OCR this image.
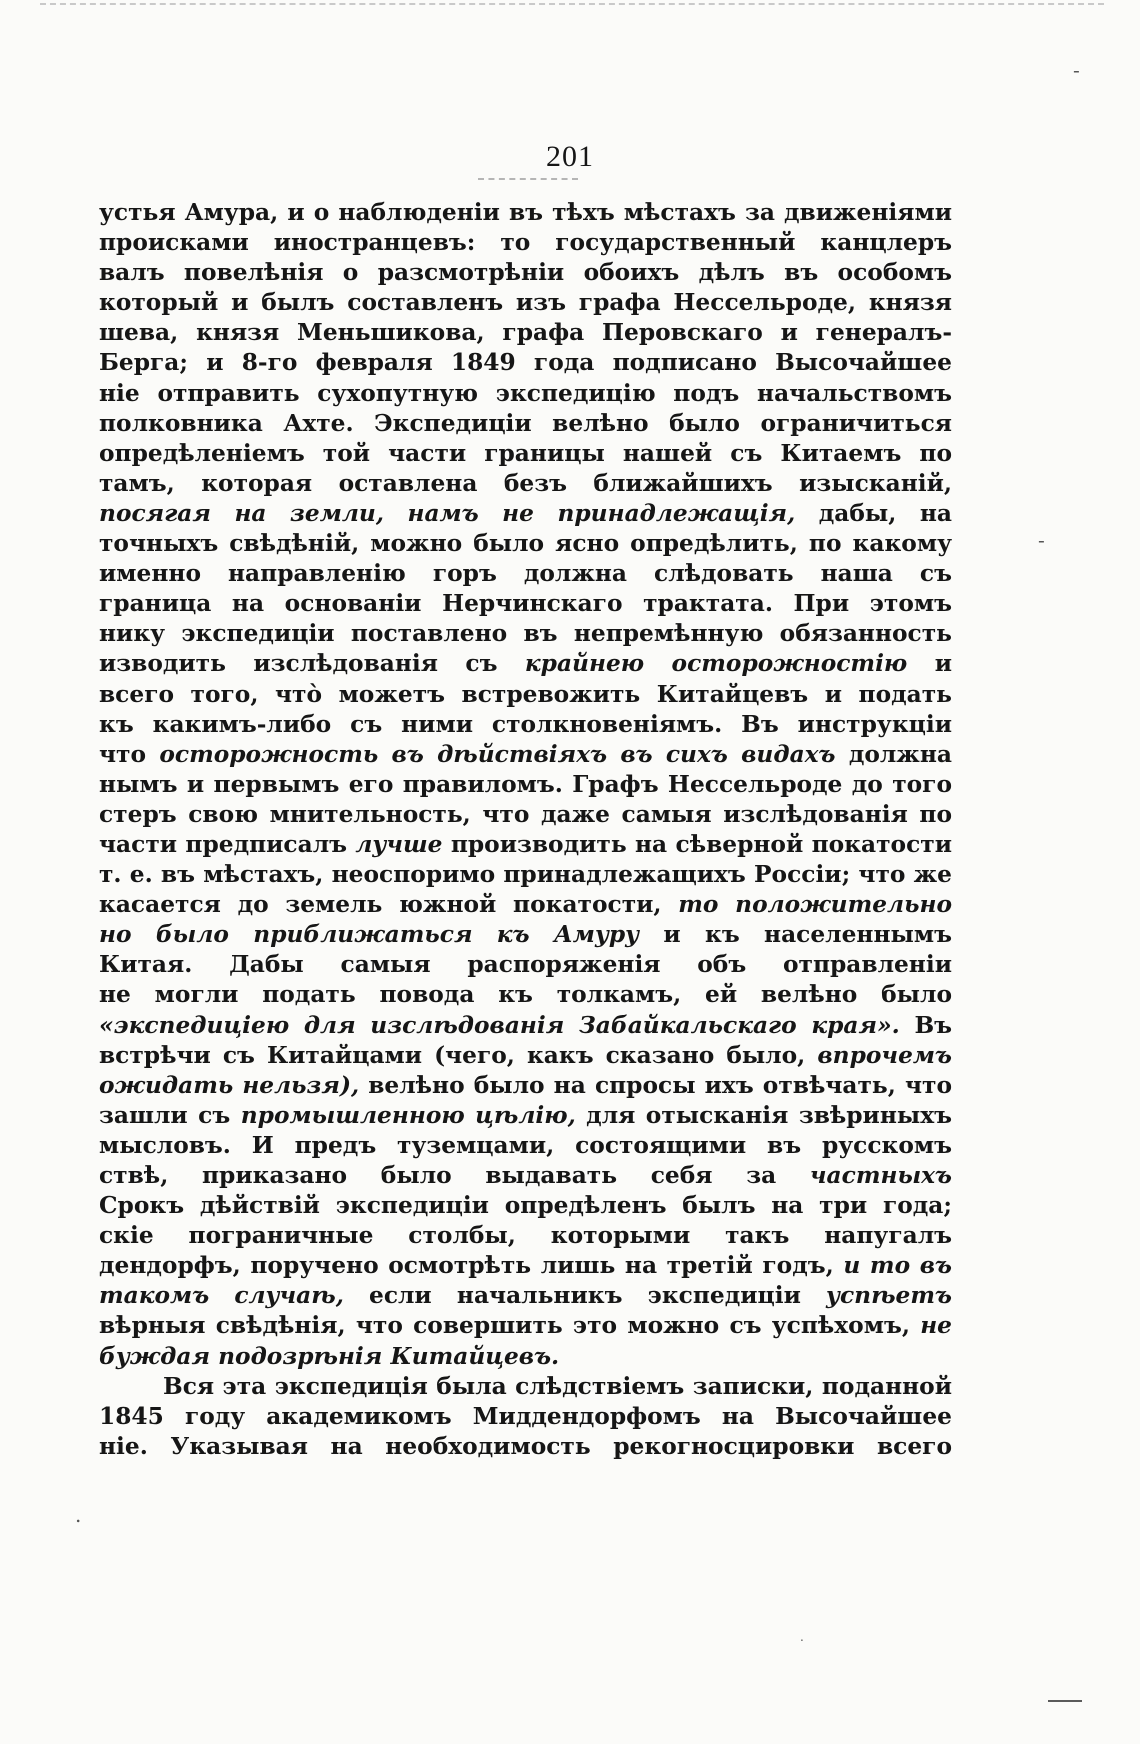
201
устья Амура, и о наблюденіи въ тѣхъ мѣстахъ за движеніями
происками иностранцевъ: то государственный канцлеръ
валъ повелѣнія о разсмотрѣніи обоихъ дѣлъ въ особомъ
который и былъ составленъ изъ графа Нессельроде, князя
шева, князя Меньшикова, графа Перовскаго и генералъ-
Берга; и 8-го февраля 1849 года подписано Высочайшее
ніе отправить сухопутную экспедицію подъ начальствомъ
полковника Ахте. Экспедиціи велѣно было ограничиться
опредѣленіемъ той части границы нашей съ Китаемъ по
тамъ, которая оставлена безъ ближайшихъ изысканій,
посягая на земли, намъ не принадлежащія, дабы, на
точныхъ свѣдѣній, можно было ясно опредѣлить, по какому
именно направленію горъ должна слѣдовать наша съ
граница на основаніи Нерчинскаго трактата. При этомъ
нику экспедиціи поставлено въ непремѣнную обязанность
изводить изслѣдованія съ крайнею осторожностію и
всего того, что̀ можетъ встревожить Китайцевъ и подать
къ какимъ-либо съ ними столкновеніямъ. Въ инструкціи
что осторожность въ дѣйствіяхъ въ сихъ видахъ должна
нымъ и первымъ его правиломъ. Графъ Нессельроде до того
стеръ свою мнительность, что даже самыя изслѣдованія по
части предписалъ лучше производить на сѣверной покатости
т. е. въ мѣстахъ, неоспоримо принадлежащихъ Россіи; что же
касается до земель южной покатости, то положительно
но было приближаться къ Амуру и къ населеннымъ
Китая. Дабы самыя распоряженія объ отправленіи
не могли подать повода къ толкамъ, ей велѣно было
«экспедиціею для изслѣдованія Забайкальскаго края». Въ
встрѣчи съ Китайцами (чего, какъ сказано было, впрочемъ
ожидать нельзя), велѣно было на спросы ихъ отвѣчать, что
зашли съ промышленною цѣлію, для отысканія звѣриныхъ
мысловъ. И предъ туземцами, состоящими въ русскомъ
ствѣ, приказано было выдавать себя за частныхъ
Срокъ дѣйствій экспедиціи опредѣленъ былъ на три года;
скіе пограничные столбы, которыми такъ напугалъ
дендорфъ, поручено осмотрѣть лишь на третій годъ, и то въ
такомъ случаѣ, если начальникъ экспедиціи успѣетъ
вѣрныя свѣдѣнія, что совершить это можно съ успѣхомъ, не
буждая подозрѣнія Китайцевъ.
Вся эта экспедиція была слѣдствіемъ записки, поданной
1845 году академикомъ Миддендорфомъ на Высочайшее
ніе. Указывая на необходимость рекогносцировки всего
-
-
.
.
